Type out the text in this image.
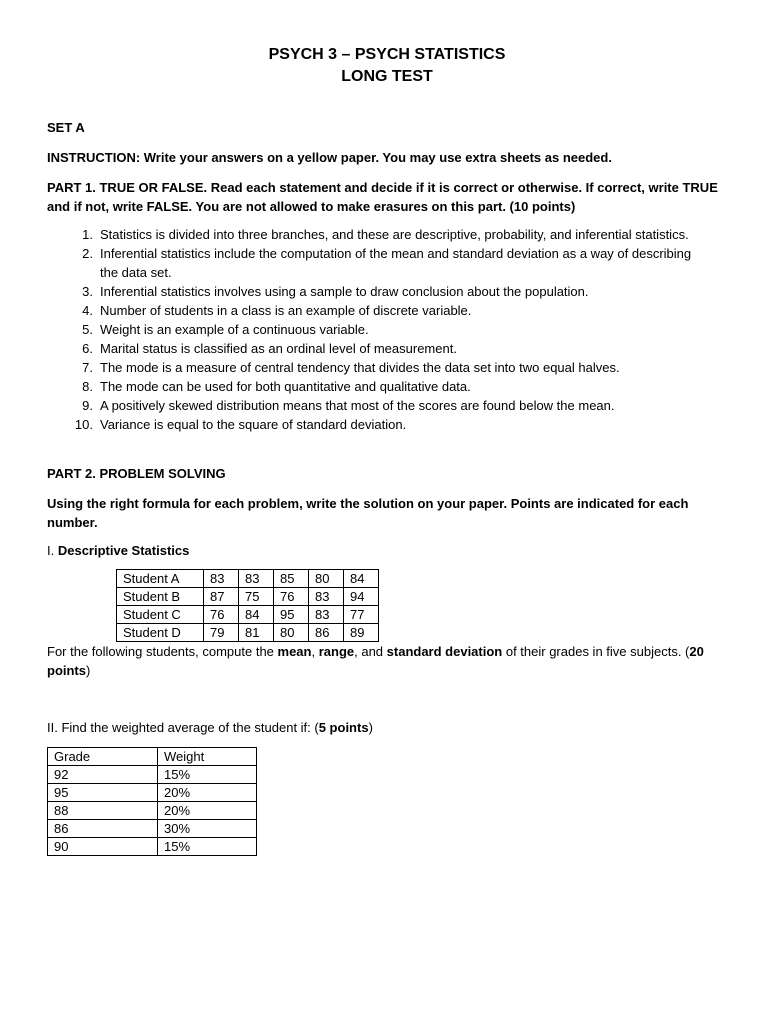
PSYCH 3 – PSYCH STATISTICS

LONG TEST

SET A

INSTRUCTION: Write your answers on a yellow paper. You may use extra sheets as needed.

PART 1. TRUE OR FALSE. Read each statement and decide if it is correct or otherwise. If correct, write TRUE and if not, write FALSE. You are not allowed to make erasures on this part. (10 points)

1. Statistics is divided into three branches, and these are descriptive, probability, and inferential statistics.
2. Inferential statistics include the computation of the mean and standard deviation as a way of describing the data set.
3. Inferential statistics involves using a sample to draw conclusion about the population.
4. Number of students in a class is an example of discrete variable.
5. Weight is an example of a continuous variable.
6. Marital status is classified as an ordinal level of measurement.
7. The mode is a measure of central tendency that divides the data set into two equal halves.
8. The mode can be used for both quantitative and qualitative data.
9. A positively skewed distribution means that most of the scores are found below the mean.
10. Variance is equal to the square of standard deviation.

PART 2. PROBLEM SOLVING

Using the right formula for each problem, write the solution on your paper. Points are indicated for each number.

I. Descriptive Statistics

Student A	83	83	85	80	84
Student B	87	75	76	83	94
Student C	76	84	95	83	77
Student D	79	81	80	86	89

For the following students, compute the mean, range, and standard deviation of their grades in five subjects. (20 points)

II. Find the weighted average of the student if: (5 points)

Grade	Weight
92	15%
95	20%
88	20%
86	30%
90	15%
